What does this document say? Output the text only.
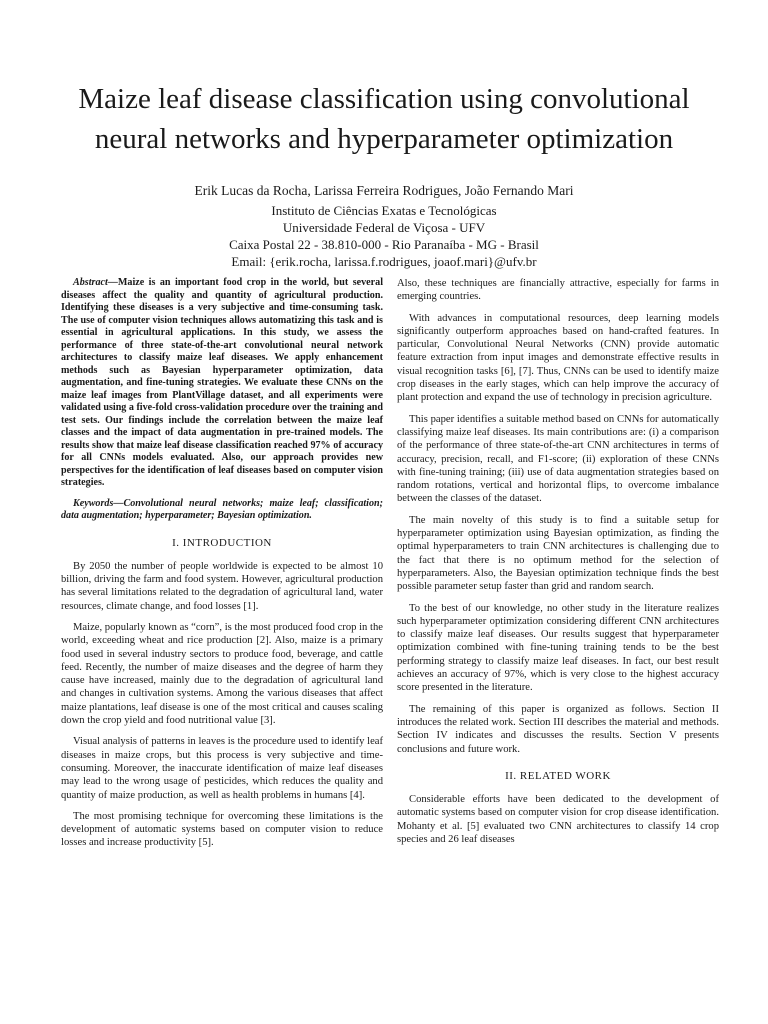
Maize leaf disease classification using convolutional neural networks and hyperparameter optimization
Erik Lucas da Rocha, Larissa Ferreira Rodrigues, João Fernando Mari
Instituto de Ciências Exatas e Tecnológicas
Universidade Federal de Viçosa - UFV
Caixa Postal 22 - 38.810-000 - Rio Paranaíba - MG - Brasil
Email: {erik.rocha, larissa.f.rodrigues, joaof.mari}@ufv.br

Abstract—Maize is an important food crop in the world, but several diseases affect the quality and quantity of agricultural production. Identifying these diseases is a very subjective and time-consuming task. The use of computer vision techniques allows automatizing this task and is essential in agricultural applications. In this study, we assess the performance of three state-of-the-art convolutional neural network architectures to classify maize leaf diseases. We apply enhancement methods such as Bayesian hyperparameter optimization, data augmentation, and fine-tuning strategies. We evaluate these CNNs on the maize leaf images from PlantVillage dataset, and all experiments were validated using a five-fold cross-validation procedure over the training and test sets. Our findings include the correlation between the maize leaf classes and the impact of data augmentation in pre-trained models. The results show that maize leaf disease classification reached 97% of accuracy for all CNNs models evaluated. Also, our approach provides new perspectives for the identification of leaf diseases based on computer vision strategies.

Keywords—Convolutional neural networks; maize leaf; classification; data augmentation; hyperparameter; Bayesian optimization.

I. INTRODUCTION

By 2050 the number of people worldwide is expected to be almost 10 billion, driving the farm and food system. However, agricultural production has several limitations related to the degradation of agricultural land, water resources, climate change, and food losses [1].

Maize, popularly known as “corn”, is the most produced food crop in the world, exceeding wheat and rice production [2]. Also, maize is a primary food used in several industry sectors to produce food, beverage, and cattle feed. Recently, the number of maize diseases and the degree of harm they cause have increased, mainly due to the degradation of agricultural land and changes in cultivation systems. Among the various diseases that affect maize plantations, leaf disease is one of the most critical and causes scaling down the crop yield and food nutritional value [3].

Visual analysis of patterns in leaves is the procedure used to identify leaf diseases in maize crops, but this process is very subjective and time-consuming. Moreover, the inaccurate identification of maize leaf diseases may lead to the wrong usage of pesticides, which reduces the quality and quantity of maize production, as well as health problems in humans [4].

The most promising technique for overcoming these limitations is the development of automatic systems based on computer vision to reduce losses and increase productivity [5].

Also, these techniques are financially attractive, especially for farms in emerging countries.

With advances in computational resources, deep learning models significantly outperform approaches based on hand-crafted features. In particular, Convolutional Neural Networks (CNN) provide automatic feature extraction from input images and demonstrate effective results in visual recognition tasks [6], [7]. Thus, CNNs can be used to identify maize crop diseases in the early stages, which can help improve the accuracy of plant protection and expand the use of technology in precision agriculture.

This paper identifies a suitable method based on CNNs for automatically classifying maize leaf diseases. Its main contributions are: (i) a comparison of the performance of three state-of-the-art CNN architectures in terms of accuracy, precision, recall, and F1-score; (ii) exploration of these CNNs with fine-tuning training; (iii) use of data augmentation strategies based on random rotations, vertical and horizontal flips, to overcome imbalance between the classes of the dataset.

The main novelty of this study is to find a suitable setup for hyperparameter optimization using Bayesian optimization, as finding the optimal hyperparameters to train CNN architectures is challenging due to the fact that there is no optimum method for the selection of hyperparameters. Also, the Bayesian optimization technique finds the best possible parameter setup faster than grid and random search.

To the best of our knowledge, no other study in the literature realizes such hyperparameter optimization considering different CNN architectures to classify maize leaf diseases. Our results suggest that hyperparameter optimization combined with fine-tuning training tends to be the best performing strategy to classify maize leaf diseases. In fact, our best result achieves an accuracy of 97%, which is very close to the highest accuracy score presented in the literature.

The remaining of this paper is organized as follows. Section II introduces the related work. Section III describes the material and methods. Section IV indicates and discusses the results. Section V presents conclusions and future work.

II. RELATED WORK

Considerable efforts have been dedicated to the development of automatic systems based on computer vision for crop disease identification. Mohanty et al. [5] evaluated two CNN architectures to classify 14 crop species and 26 leaf diseases
